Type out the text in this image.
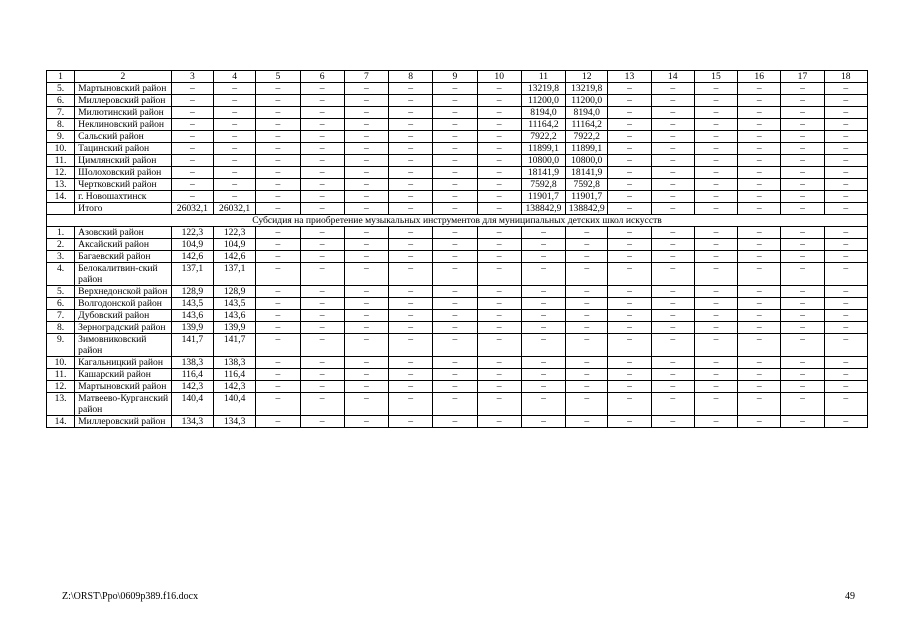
1	2	3	4	5	6	7	8	9	10	11	12	13	14	15	16	17	18
5.	Мартыновский район	–	–	–	–	–	–	–	–	13219,8	13219,8	–	–	–	–	–	–
6.	Миллеровский район	–	–	–	–	–	–	–	–	11200,0	11200,0	–	–	–	–	–	–
7.	Милютинский район	–	–	–	–	–	–	–	–	8194,0	8194,0	–	–	–	–	–	–
8.	Неклиновский район	–	–	–	–	–	–	–	–	11164,2	11164,2	–	–	–	–	–	–
9.	Сальский район	–	–	–	–	–	–	–	–	7922,2	7922,2	–	–	–	–	–	–
10.	Тацинский район	–	–	–	–	–	–	–	–	11899,1	11899,1	–	–	–	–	–	–
11.	Цимлянский район	–	–	–	–	–	–	–	–	10800,0	10800,0	–	–	–	–	–	–
12.	Шолоховский район	–	–	–	–	–	–	–	–	18141,9	18141,9	–	–	–	–	–	–
13.	Чертковский район	–	–	–	–	–	–	–	–	7592,8	7592,8	–	–	–	–	–	–
14.	г. Новошахтинск	–	–	–	–	–	–	–	–	11901,7	11901,7	–	–	–	–	–	–
	Итого	26032,1	26032,1	–	–	–	–	–	–	138842,9	138842,9	–	–	–	–	–	–
Субсидия на приобретение музыкальных инструментов для муниципальных детских школ искусств																	
1.	Азовский район	122,3	122,3	–	–	–	–	–	–	–	–	–	–	–	–	–	–
2.	Аксайский район	104,9	104,9	–	–	–	–	–	–	–	–	–	–	–	–	–	–
3.	Багаевский район	142,6	142,6	–	–	–	–	–	–	–	–	–	–	–	–	–	–
4.	Белокалитвин-ский район	137,1	137,1	–	–	–	–	–	–	–	–	–	–	–	–	–	–
5.	Верхнедонской район	128,9	128,9	–	–	–	–	–	–	–	–	–	–	–	–	–	–
6.	Волгодонской район	143,5	143,5	–	–	–	–	–	–	–	–	–	–	–	–	–	–
7.	Дубовский район	143,6	143,6	–	–	–	–	–	–	–	–	–	–	–	–	–	–
8.	Зерноградский район	139,9	139,9	–	–	–	–	–	–	–	–	–	–	–	–	–	–
9.	Зимовниковский район	141,7	141,7	–	–	–	–	–	–	–	–	–	–	–	–	–	–
10.	Кагальницкий район	138,3	138,3	–	–	–	–	–	–	–	–	–	–	–	–	–	–
11.	Кашарский район	116,4	116,4	–	–	–	–	–	–	–	–	–	–	–	–	–	–
12.	Мартыновский район	142,3	142,3	–	–	–	–	–	–	–	–	–	–	–	–	–	–
13.	Матвеево-Курганский район	140,4	140,4	–	–	–	–	–	–	–	–	–	–	–	–	–	–
14.	Миллеровский район	134,3	134,3	–	–	–	–	–	–	–	–	–	–	–	–	–	–
Z:\ORST\Ppo\0609p389.f16.docx	49
